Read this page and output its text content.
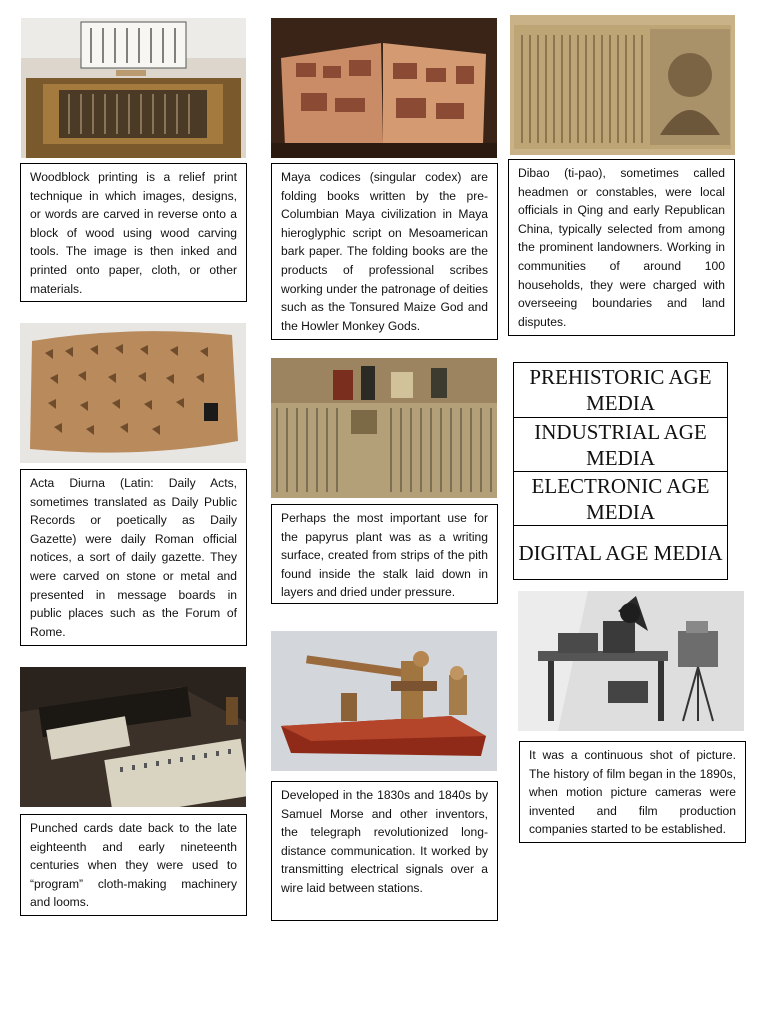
Woodblock printing is a relief print technique in which images, designs, or words are carved in reverse onto a block of wood using wood carving tools. The image is then inked and printed onto paper, cloth, or other materials.
Maya codices (singular codex) are folding books written by the pre-Columbian Maya civilization in Maya hieroglyphic script on Mesoamerican bark paper. The folding books are the products of professional scribes working under the patronage of deities such as the Tonsured Maize God and the Howler Monkey Gods.
Dibao (ti-pao), sometimes called headmen or constables, were local officials in Qing and early Republican China, typically selected from among the prominent landowners. Working in communities of around 100 households, they were charged with overseeing boundaries and land disputes.
Acta Diurna (Latin: Daily Acts, sometimes translated as Daily Public Records or poetically as Daily Gazette) were daily Roman official notices, a sort of daily gazette. They were carved on stone or metal and presented in message boards in public places such as the Forum of Rome.
Perhaps the most important use for the papyrus plant was as a writing surface, created from strips of the pith found inside the stalk laid down in layers and dried under pressure.
Punched cards date back to the late eighteenth and early nineteenth centuries when they were used to “program” cloth-making machinery and looms.
Developed in the 1830s and 1840s by Samuel Morse and other inventors, the telegraph revolutionized long-distance communication. It worked by transmitting electrical signals over a wire laid between stations.
It was a continuous shot of picture. The history of film began in the 1890s, when motion picture cameras were invented and film production companies started to be established.
PREHISTORIC AGE MEDIA
INDUSTRIAL AGE MEDIA
ELECTRONIC AGE MEDIA
DIGITAL AGE MEDIA
